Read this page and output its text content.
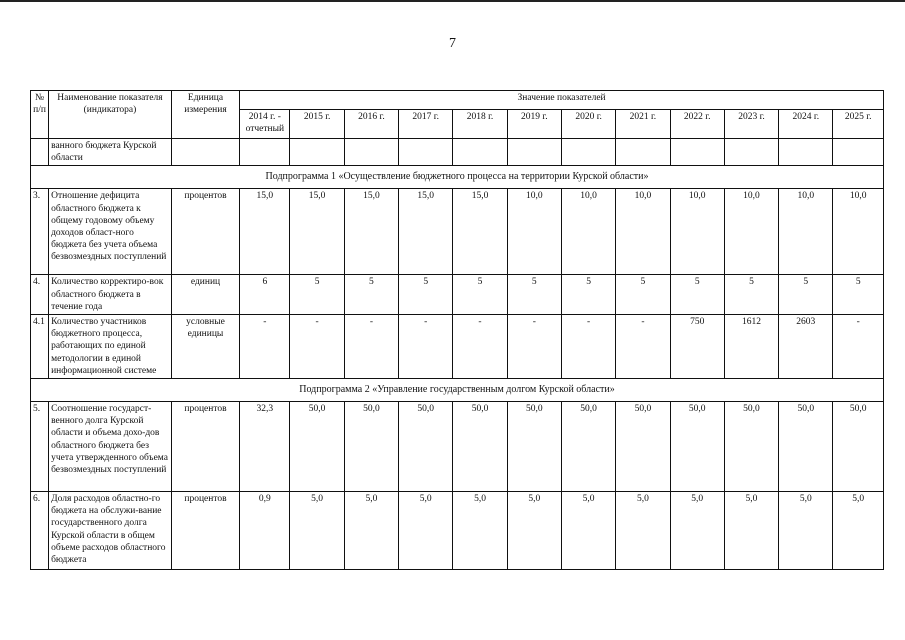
7
№ п/п	Наименование показателя (индикатора)	Единица измерения	Значение показателей											
			2014 г. - отчетный	2015 г.	2016 г.	2017 г.	2018 г.	2019 г.	2020 г.	2021 г.	2022 г.	2023 г.	2024 г.	2025 г.
	ванного бюджета Курской области													
Подпрограмма 1 «Осуществление бюджетного процесса на территории Курской области»														
3.	Отношение дефицита областного бюджета к общему годовому объему доходов област-ного бюджета без учета объема безвозмездных поступлений	процентов	15,0	15,0	15,0	15,0	15,0	10,0	10,0	10,0	10,0	10,0	10,0	10,0
4.	Количество корректиро-вок областного бюджета в течение года	единиц	6	5	5	5	5	5	5	5	5	5	5	5
4.1	Количество участников бюджетного процесса, работающих по единой методологии в единой информационной системе	условные единицы	-	-	-	-	-	-	-	-	750	1612	2603	-
Подпрограмма 2 «Управление государственным долгом Курской области»														
5.	Соотношение государст-венного долга Курской области и объема дохо-дов областного бюджета без учета утвержденного объема безвозмездных поступлений	процентов	32,3	50,0	50,0	50,0	50,0	50,0	50,0	50,0	50,0	50,0	50,0	50,0
6.	Доля расходов областно-го бюджета на обслужи-вание государственного долга Курской области в общем объеме расходов областного бюджета	процентов	0,9	5,0	5,0	5,0	5,0	5,0	5,0	5,0	5,0	5,0	5,0	5,0
